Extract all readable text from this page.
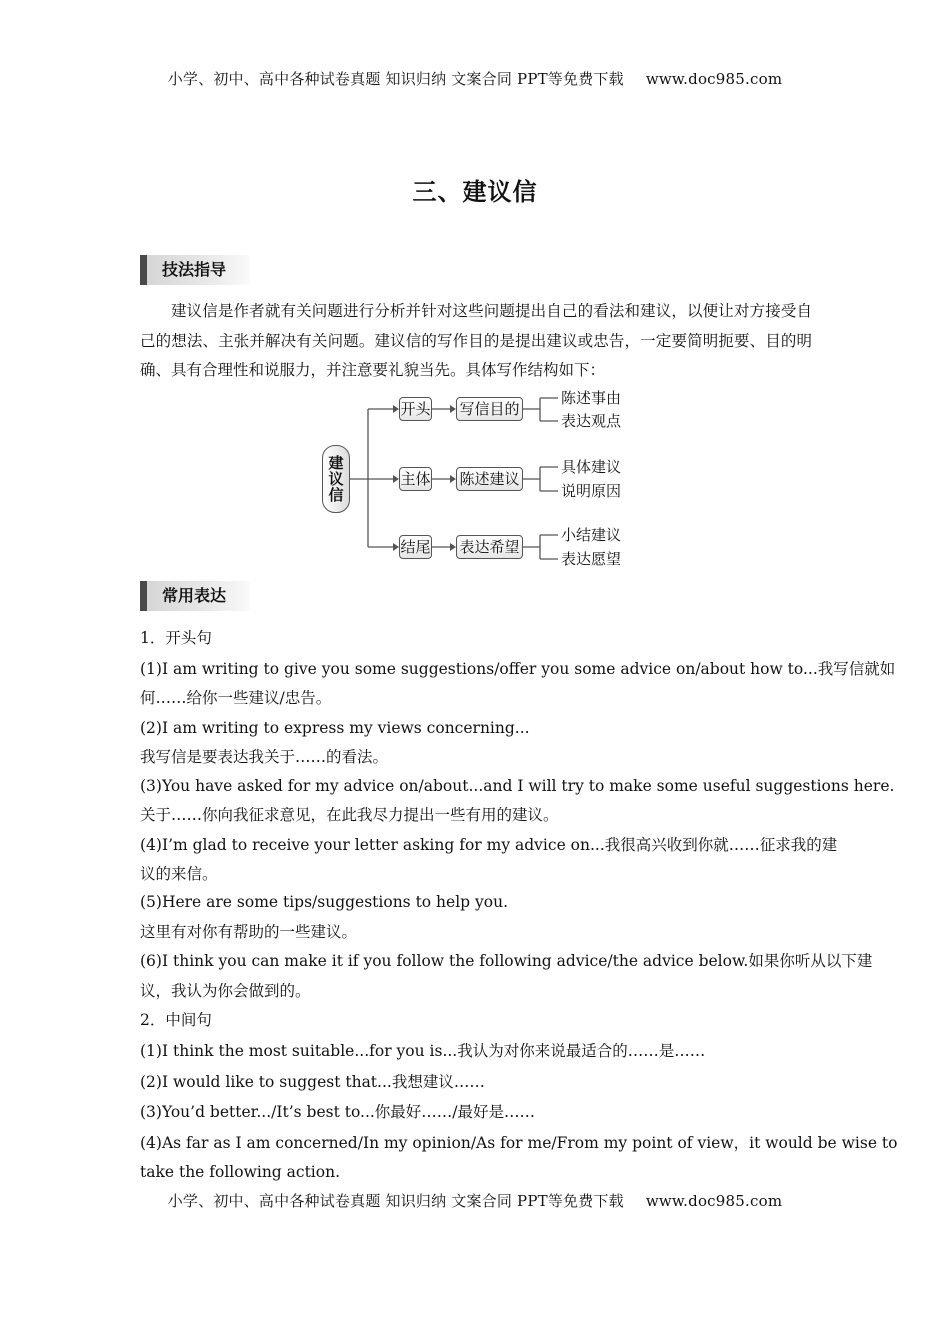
小学、初中、高中各种试卷真题 知识归纳 文案合同 PPT等免费下载 www.doc985.com
三、建议信
技法指导
建议信是作者就有关问题进行分析并针对这些问题提出自己的看法和建议，以便让对方接受自己的想法、主张并解决有关问题。建议信的写作目的是提出建议或忠告，一定要简明扼要、目的明确、具有合理性和说服力，并注意要礼貌当先。具体写作结构如下：
建议信
开头 写信目的
陈述事由
表达观点
主体 陈述建议
具体建议
说明原因
结尾 表达希望
小结建议
表达愿望
常用表达
1．开头句
(1)I am writing to give you some suggestions/offer you some advice on/about how to...我写信就如
何……给你一些建议/忠告。
(2)I am writing to express my views concerning...
我写信是要表达我关于……的看法。
(3)You have asked for my advice on/about...and I will try to make some useful suggestions here.
关于……你向我征求意见，在此我尽力提出一些有用的建议。
(4)I’m glad to receive your letter asking for my advice on...我很高兴收到你就……征求我的建
议的来信。
(5)Here are some tips/suggestions to help you.
这里有对你有帮助的一些建议。
(6)I think you can make it if you follow the following advice/the advice below.如果你听从以下建
议，我认为你会做到的。
2．中间句
(1)I think the most suitable...for you is...我认为对你来说最适合的……是……
(2)I would like to suggest that...我想建议……
(3)You’d better.../It’s best to...你最好……/最好是……
(4)As far as I am concerned/In my opinion/As for me/From my point of view，it would be wise to
take the following action.
小学、初中、高中各种试卷真题 知识归纳 文案合同 PPT等免费下载 www.doc985.com
